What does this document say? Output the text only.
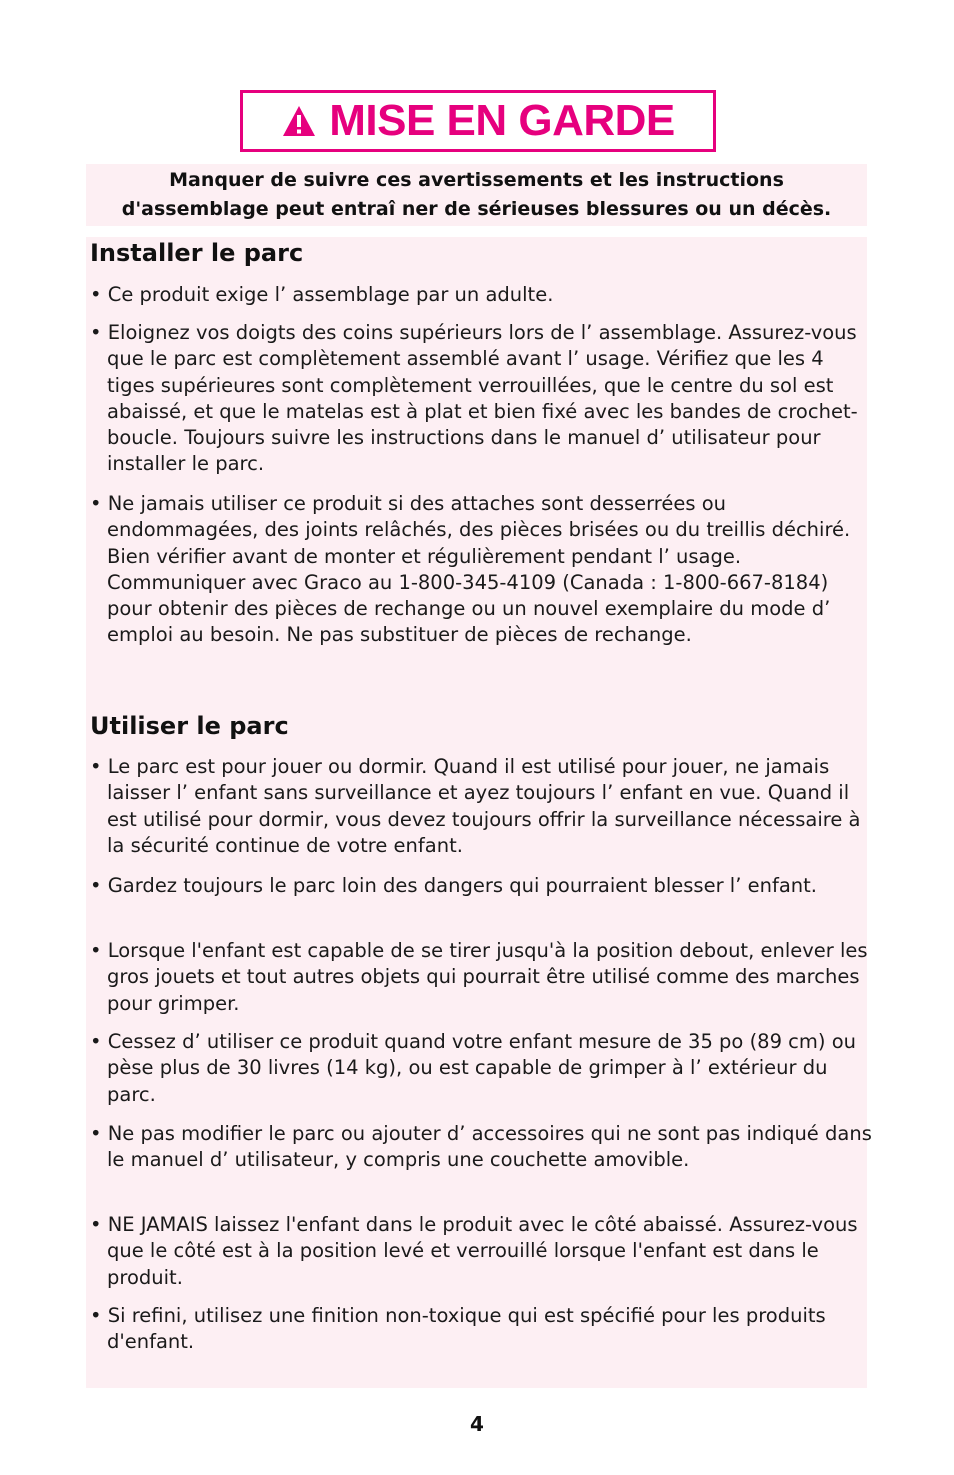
MISE EN GARDE
Manquer de suivre ces avertissements et les instructions
d'assemblage peut entraî ner de sérieuses blessures ou un décès.
Installer le parc
• Ce produit exige l’ assemblage par un adulte.
• Eloignez vos doigts des coins supérieurs lors de l’ assemblage. Assurez-vous que le parc est complètement assemblé avant l’ usage. Vérifiez que les 4 tiges supérieures sont complètement verrouillées, que le centre du sol est abaissé, et que le matelas est à plat et bien fixé avec les bandes de crochet-boucle. Toujours suivre les instructions dans le manuel d’ utilisateur pour installer le parc.
• Ne jamais utiliser ce produit si des attaches sont desserrées ou endommagées, des joints relâchés, des pièces brisées ou du treillis déchiré. Bien vérifier avant de monter et régulièrement pendant l’ usage. Communiquer avec Graco au 1-800-345-4109 (Canada : 1-800-667-8184) pour obtenir des pièces de rechange ou un nouvel exemplaire du mode d’ emploi au besoin. Ne pas substituer de pièces de rechange.
Utiliser le parc
• Le parc est pour jouer ou dormir. Quand il est utilisé pour jouer, ne jamais laisser l’ enfant sans surveillance et ayez toujours l’ enfant en vue. Quand il est utilisé pour dormir, vous devez toujours offrir la surveillance nécessaire à la sécurité continue de votre enfant.
• Gardez toujours le parc loin des dangers qui pourraient blesser l’ enfant.
• Lorsque l'enfant est capable de se tirer jusqu'à la position debout, enlever les gros jouets et tout autres objets qui pourrait être utilisé comme des marches pour grimper.
• Cessez d’ utiliser ce produit quand votre enfant mesure de 35 po (89 cm) ou pèse plus de 30 livres (14 kg), ou est capable de grimper à l’ extérieur du parc.
• Ne pas modifier le parc ou ajouter d’ accessoires qui ne sont pas indiqué dans le manuel d’ utilisateur, y compris une couchette amovible.
• NE JAMAIS laissez l'enfant dans le produit avec le côté abaissé. Assurez-vous que le côté est à la position levé et verrouillé lorsque l'enfant est dans le produit.
• Si refini, utilisez une finition non-toxique qui est spécifié pour les produits d'enfant.
4
